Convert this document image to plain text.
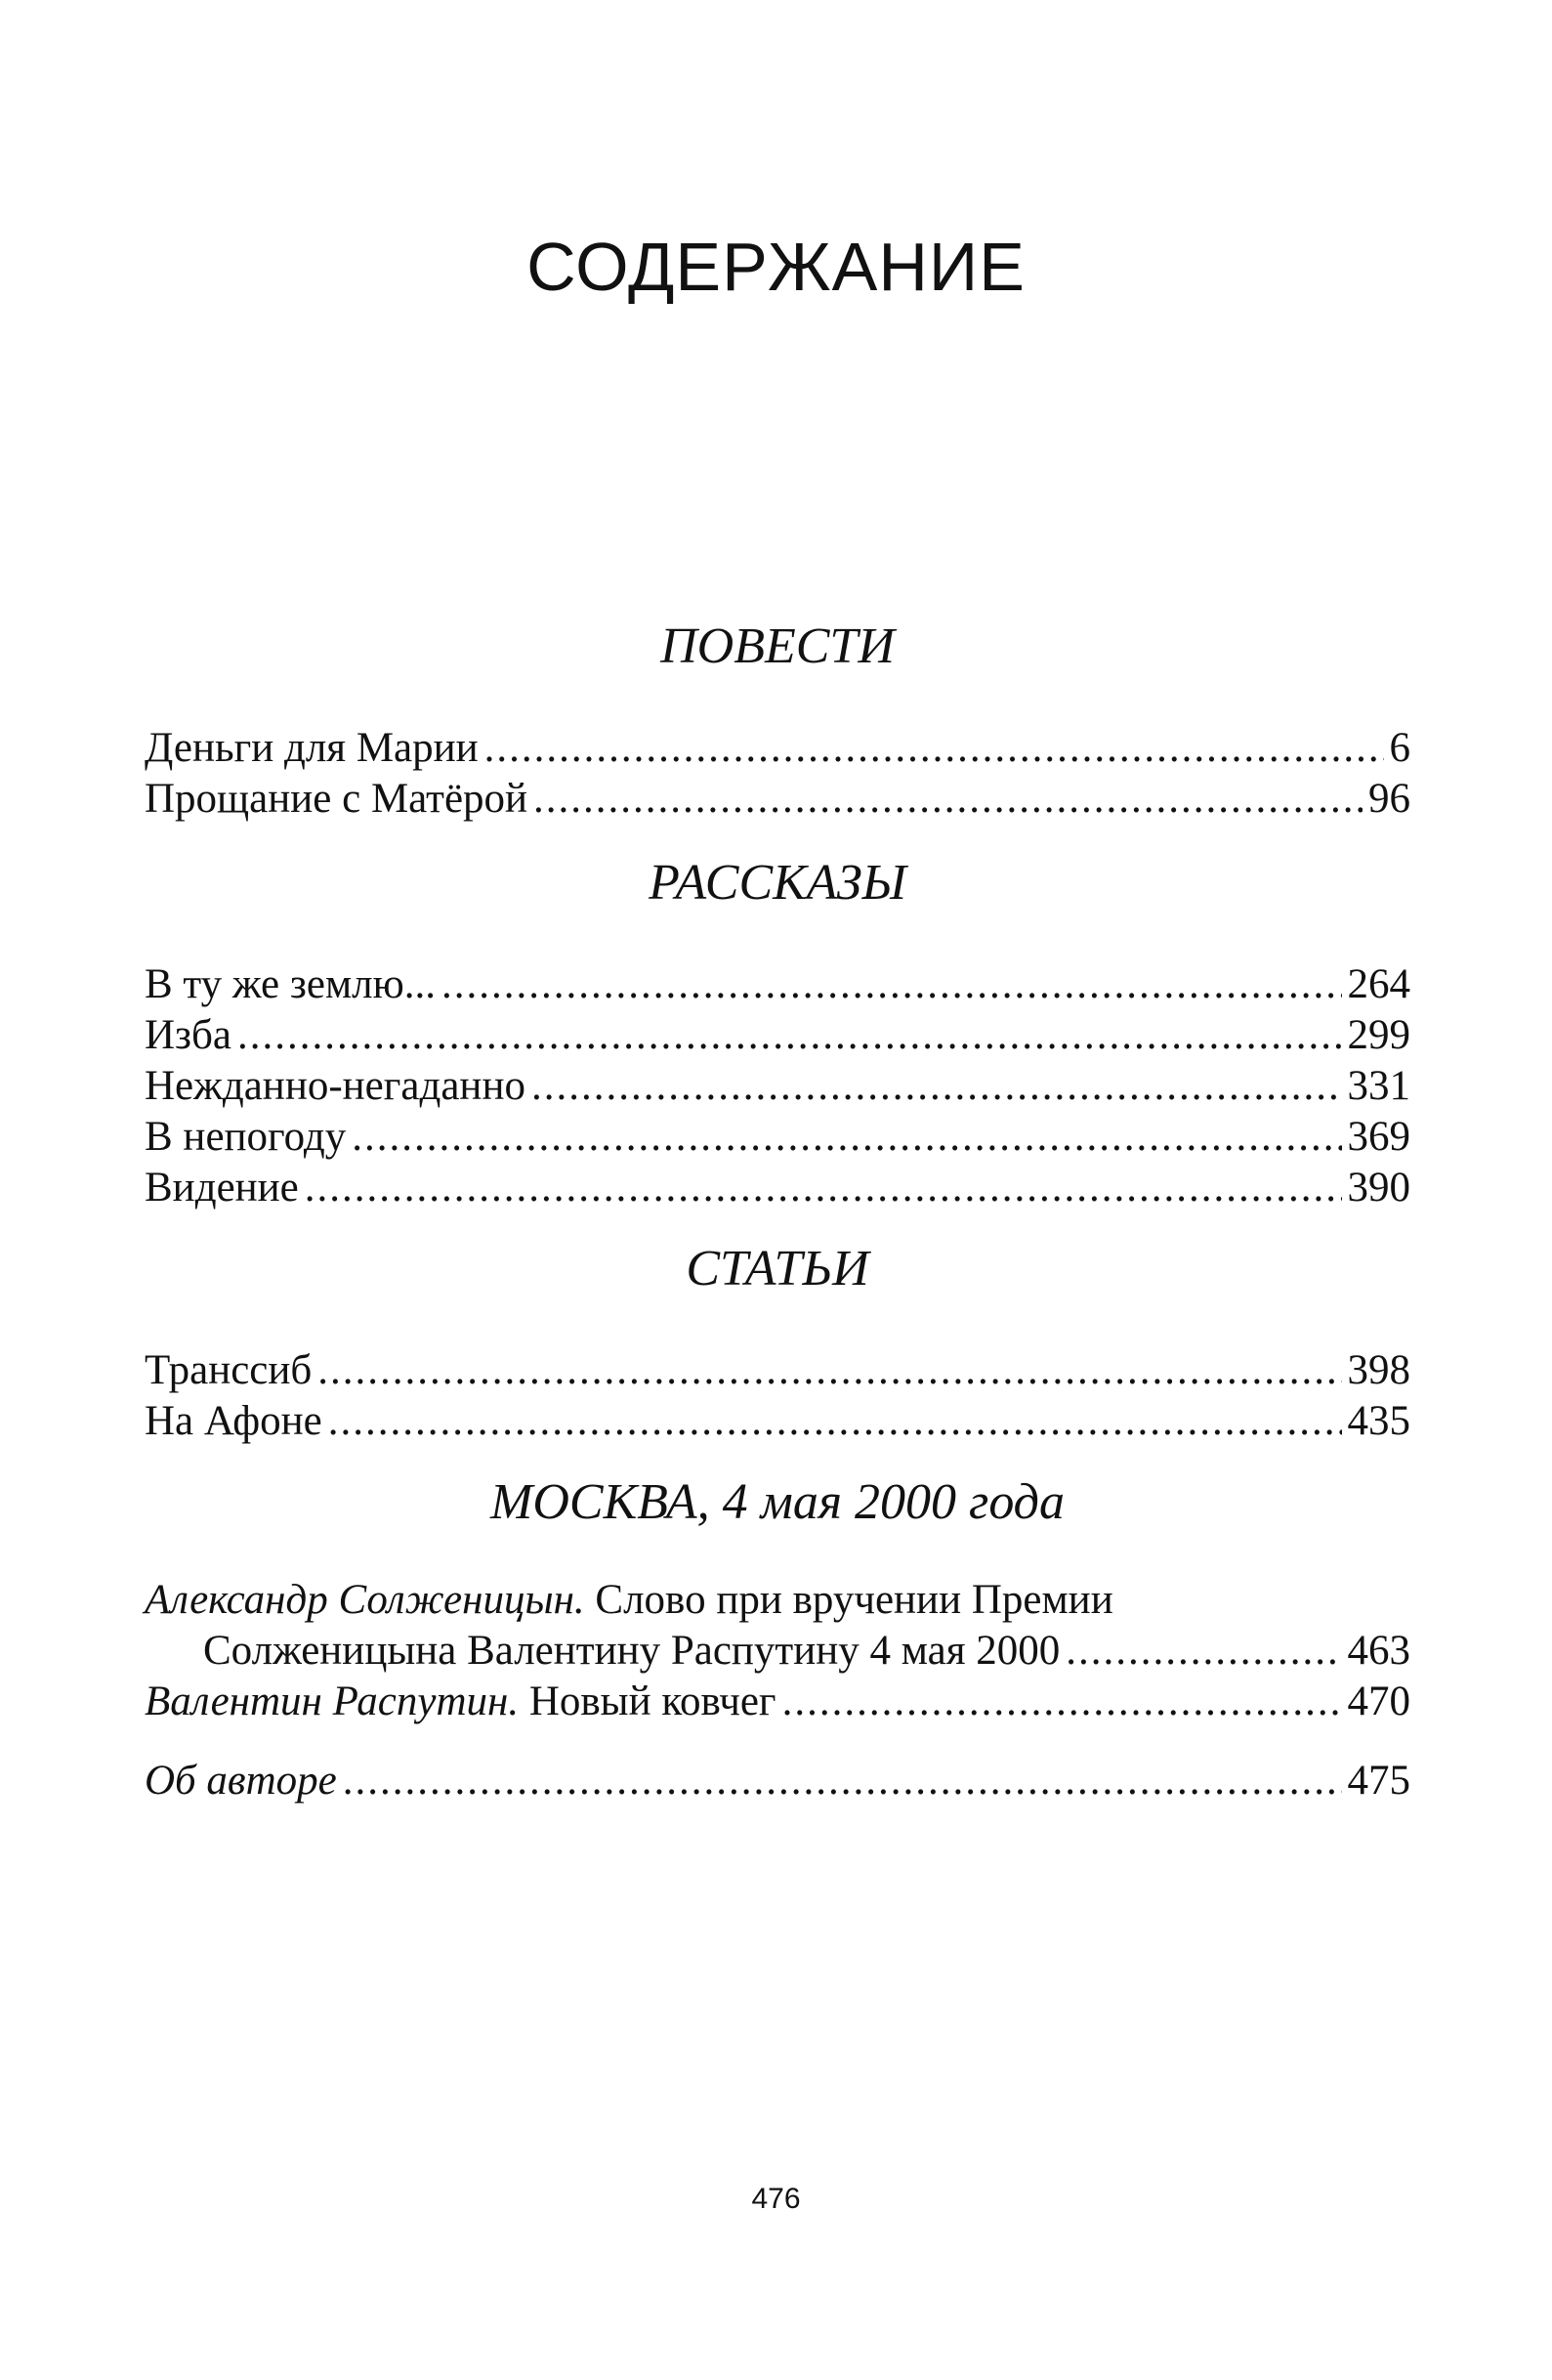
СОДЕРЖАНИЕ
ПОВЕСТИ
Деньги для Марии .....	6
Прощание с Матёрой .....	96
РАССКАЗЫ
В ту же землю... .....	264
Изба .....	299
Нежданно-негаданно .....	331
В непогоду .....	369
Видение .....	390
СТАТЬИ
Транссиб .....	398
На Афоне .....	435
МОСКВА, 4 мая 2000 года
Александр Солженицын. Слово при вручении Премии
Солженицына Валентину Распутину 4 мая 2000 .....	463
Валентин Распутин. Новый ковчег .....	470
Об авторе .....	475
476
